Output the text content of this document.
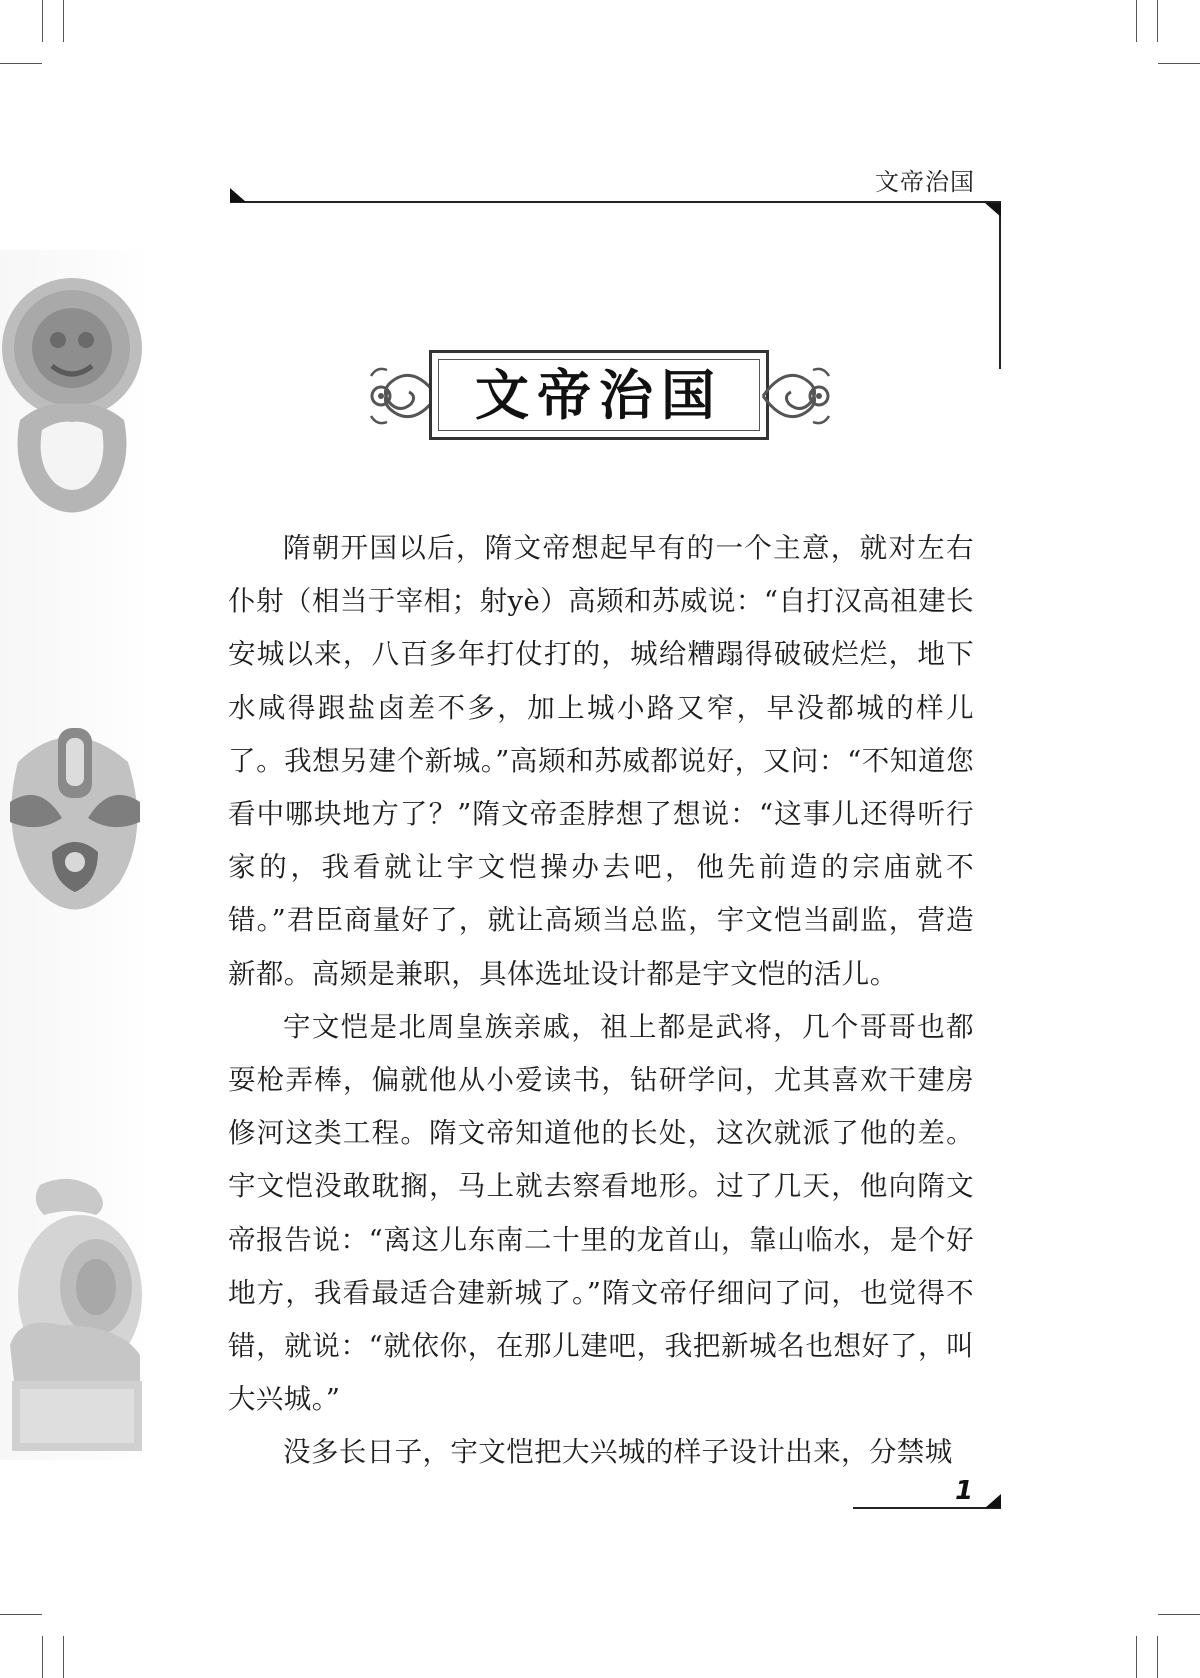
文帝治国
文帝治国

隋朝开国以后，隋文帝想起早有的一个主意，就对左右仆射（相当于宰相；射yè）高颎和苏威说：“自打汉高祖建长安城以来，八百多年打仗打的，城给糟蹋得破破烂烂，地下水咸得跟盐卤差不多，加上城小路又窄，早没都城的样儿了。我想另建个新城。”高颎和苏威都说好，又问：“不知道您看中哪块地方了？”隋文帝歪脖想了想说：“这事儿还得听行家的，我看就让宇文恺操办去吧，他先前造的宗庙就不错。”君臣商量好了，就让高颎当总监，宇文恺当副监，营造新都。高颎是兼职，具体选址设计都是宇文恺的活儿。

宇文恺是北周皇族亲戚，祖上都是武将，几个哥哥也都耍枪弄棒，偏就他从小爱读书，钻研学问，尤其喜欢干建房修河这类工程。隋文帝知道他的长处，这次就派了他的差。宇文恺没敢耽搁，马上就去察看地形。过了几天，他向隋文帝报告说：“离这儿东南二十里的龙首山，靠山临水，是个好地方，我看最适合建新城了。”隋文帝仔细问了问，也觉得不错，就说：“就依你，在那儿建吧，我把新城名也想好了，叫大兴城。”

没多长日子，宇文恺把大兴城的样子设计出来，分禁城

1
